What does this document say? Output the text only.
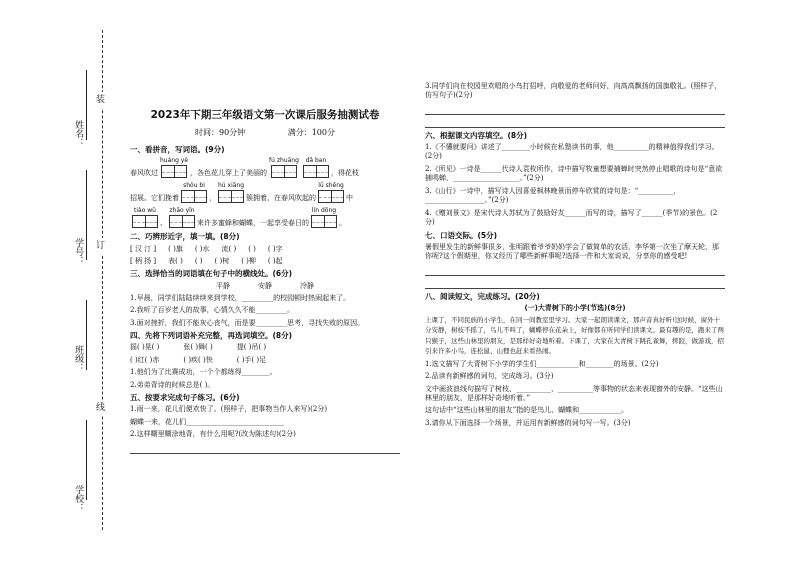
装
订
线
姓名：
学号：
班级：
学校：
2023年下期三年级语文第一次课后服务抽测试卷
时间：90分钟	满分：100分
一、看拼音，写词语。(9分)
春风吹过
huáng yè
，各色花儿穿上了美丽的
fú zhuāng dǎ ban
，得花枝
招展。它们挽着
shǒu bì
，
hú xiāng
簇拥着，在春风吹起的
lǜ shēng
中
tiào wǔ
、
zhāo yǐn
来许多蜜蜂和蝴蝶，一起享受春日的
lín dōng
。
二、巧辨形近字，填一填。(8分)
[ 汉 汀 ] ( )旗 ( )水 流( ) ( ) ( )字
[ 柄 扬 ] 表( ) ( ) ( )树 ( )柳 ( )起
三、选择恰当的词语填在句子中的横线处。(6分)
平静	安静	冷静
1.早晨，同学们陆陆续续来到学校，_________的校园顿时热闹起来了。
2.我听了百岁老人的故事，心情久久不能_________。
3.面对挫折，我们不能灰心丧气，而是要_________思考，寻找失败的原因。
四、先将下列词语补充完整，再选词填空。(8分)
摇( )晃( )	张( )舞( )	提( )吊( )
( )红( )赤	( )疾( )快	( )手( )足
1.他们为了比赛成功，一个个都练得________。
2.弟弟背诗的时候总是( )。
五、按要求完成句子练习。(6分)
1.雨一来，花儿们便欢快了。(照样子，把事物当作人来写)(2分)
蝴蝶一来，花儿们____________________________
2.这样糊里糊涂地背，有什么用呢?(改为陈述句)(2分)
3.同学们向在校园里欢唱的小鸟打招呼，向敬爱的老师问好，向高高飘扬的国旗敬礼。(照样子，仿写句子)(2分)
六、根据课文内容填空。(8分)
1.《不懂就要问》讲述了________小时候在私塾读书的事，他__________的精神值得我们学习。(2分)
2.《所见》一诗是______代诗人袁枚所作，诗中描写牧童想要捕蝉时突然停止唱歌的诗句是“意欲捕鸣蝉，___________________。”(2分)
3.《山行》一诗中，描写诗人因喜爱枫林晚景而停车欣赏的诗句是：“__________，_________________。”(2分)
4.《赠刘景文》是宋代诗人苏轼为了鼓励好友______而写的诗，描写了______(季节)的景色。(2分)
七、口语交际。(5分)
暑假里发生的新鲜事很多，张明跟着爷爷奶奶学会了做简单的农活，李华第一次坐了摩天轮，那你呢?这个假期里，你又经历了哪些新鲜事呢?选择一件和大家说说，分享你的感受吧!
八、阅读短文，完成练习。(20分)
(一)大青树下的小学(节选)(8分)
上课了，不同民族的小学生，在同一间教室里学习。大家一起朗读课文，那声音真好听!这时候，窗外十分安静，树枝不摇了，鸟儿不叫了，蝴蝶停在花朵上，好像都在听同学们读课文。最有趣的是，跑来了两只猴子，这些山林里的朋友，是那样好奇地听着。下课了，大家在大青树下跳孔雀舞，摔跤，做游戏，招引来许多小鸟，连松鼠、山狸也赶来看热闹。
1.选文描写了大青树下小学的学生们____________和________的场景。(2分)
2.品读有新鲜感的词句，完成练习。(3分)
文中画波浪线句描写了树枝、__________、__________等事物的状态来表现窗外的安静。“这些山林里的朋友，是那样好奇地听着。”
这句话中“这些山林里的朋友”指的是鸟儿、蝴蝶和____________。
3.请你从下面选择一个场景，并运用有新鲜感的词句写一写。(3分)
